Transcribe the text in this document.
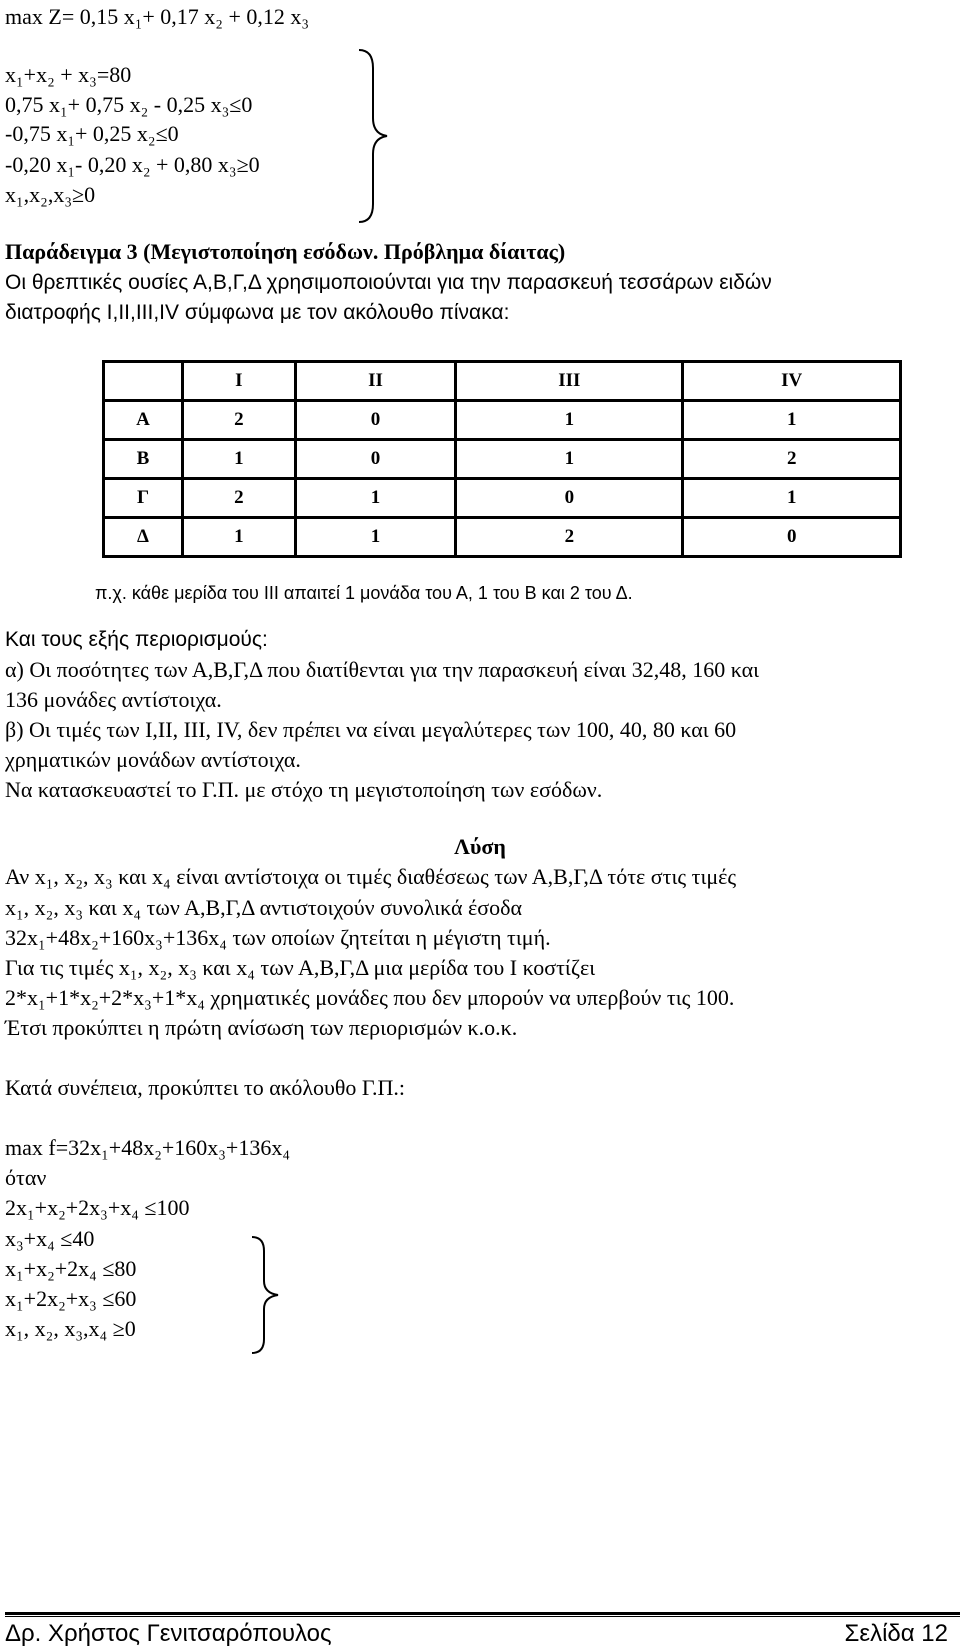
max Z= 0,15 x₁+ 0,17 x₂ + 0,12 x₃
x₁+x₂ + x₃=80
0,75 x₁+ 0,75 x₂ - 0,25 x₃≤0
-0,75 x₁+ 0,25 x₂≤0
-0,20 x₁- 0,20 x₂ + 0,80 x₃≥0
x₁,x₂,x₃≥0
Παράδειγμα 3 (Μεγιστοποίηση εσόδων. Πρόβλημα δίαιτας)
Οι θρεπτικές ουσίες Α,Β,Γ,Δ χρησιμοποιούνται για την παρασκευή τεσσάρων ειδών
διατροφής I,II,III,IV σύμφωνα με τον ακόλουθο πίνακα:
	I	II	III	IV
Α	2	0	1	1
Β	1	0	1	2
Γ	2	1	0	1
Δ	1	1	2	0
π.χ. κάθε μερίδα του ΙΙΙ απαιτεί 1 μονάδα του Α, 1 του Β και 2 του Δ.
Και τους εξής περιορισμούς:
α) Οι ποσότητες των Α,Β,Γ,Δ που διατίθενται για την παρασκευή είναι 32,48, 160 και
136 μονάδες αντίστοιχα.
β) Οι τιμές των I,II, III, IV, δεν πρέπει να είναι μεγαλύτερες των 100, 40, 80 και 60
χρηματικών μονάδων αντίστοιχα.
Να κατασκευαστεί το Γ.Π. με στόχο τη μεγιστοποίηση των εσόδων.
Λύση
Αν x₁, x₂, x₃ και x₄ είναι αντίστοιχα οι τιμές διαθέσεως των Α,Β,Γ,Δ τότε στις τιμές
x₁, x₂, x₃ και x₄ των Α,Β,Γ,Δ αντιστοιχούν συνολικά έσοδα
32x₁+48x₂+160x₃+136x₄ των οποίων ζητείται η μέγιστη τιμή.
Για τις τιμές x₁, x₂, x₃ και x₄ των Α,Β,Γ,Δ μια μερίδα του Ι κοστίζει
2*x₁+1*x₂+2*x₃+1*x₄ χρηματικές μονάδες που δεν μπορούν να υπερβούν τις 100.
Έτσι προκύπτει η πρώτη ανίσωση των περιορισμών κ.ο.κ.
Κατά συνέπεια, προκύπτει το ακόλουθο Γ.Π.:
max f=32x₁+48x₂+160x₃+136x₄
όταν
2x₁+x₂+2x₃+x₄ ≤100
x₃+x₄ ≤40
x₁+x₂+2x₄ ≤80
x₁+2x₂+x₃ ≤60
x₁, x₂, x₃,x₄ ≥0
Δρ. Χρήστος Γενιτσαρόπουλος	Σελίδα 12
